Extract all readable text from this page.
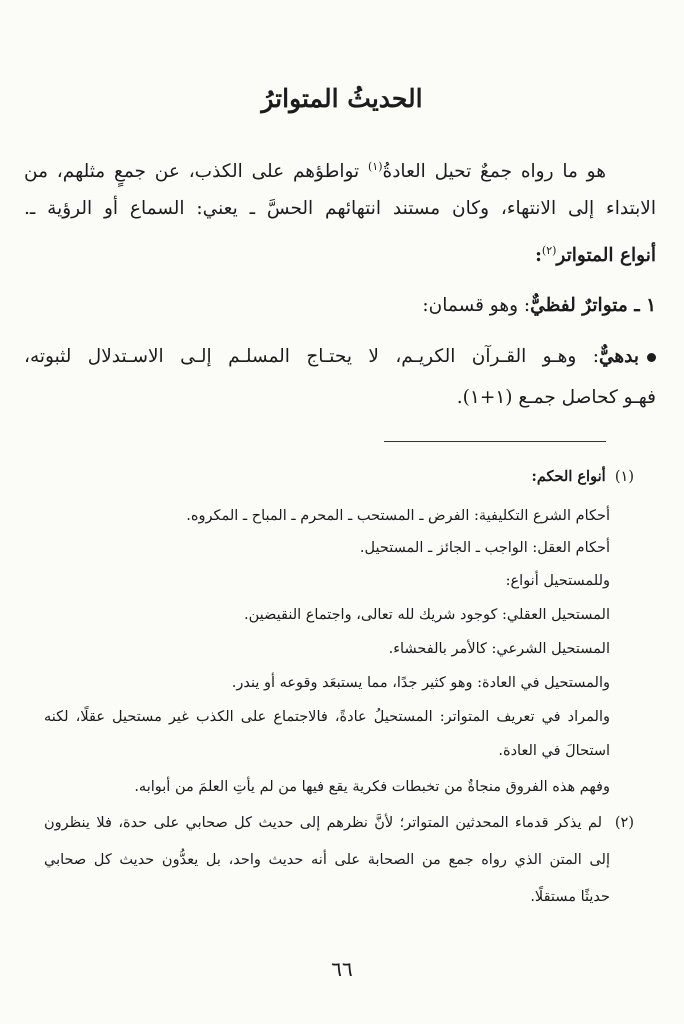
الحديثُ المتواترُ
هو ما رواه جمعٌ تحيل العادةُ$^{(١)}$ تواطؤهم على الكذب، عن جمعٍ مثلهم، من
الابتداء إلى الانتهاء، وكان مستند انتهائهم الحسَّ ـ يعني: السماع أو الرؤية ـ.
أنواع المتواتر$^{(٢)}$:
١ ـ متواترٌ لفظيٌّ: وهو قسمان:
بدهيٌّ: وهـو القـرآن الكريـم، لا يحتـاج المسلـم إلـى الاسـتدلال لثبوته،
فهـو كحاصل جمـع (١+١).
(١)  أنواع الحكم:
أحكام الشرع التكليفية: الفرض ـ المستحب ـ المحرم ـ المباح ـ المكروه.
أحكام العقل: الواجب ـ الجائز ـ المستحيل.
وللمستحيل أنواع:
المستحيل العقلي: كوجود شريك لله تعالى، واجتماع النقيضين.
المستحيل الشرعي: كالأمر بالفحشاء.
والمستحيل في العادة: وهو كثير جدًا، مما يستبعَد وقوعه أو يندر.
والمراد في تعريف المتواتر: المستحيلُ عادةً، فالاجتماع على الكذب غير مستحيل عقلًا، لكنه
استحالَ في العادة.
وفهم هذه الفروق منجاةٌ من تخبطات فكرية يقع فيها من لم يأتِ العلمَ من أبوابه.
(٢)  لم يذكر قدماء المحدثين المتواتر؛ لأنَّ نظرهم إلى حديث كل صحابي على حدة، فلا ينظرون
إلى المتن الذي رواه جمع من الصحابة على أنه حديث واحد، بل يعدُّون حديث كل صحابي
حديثًا مستقلًا.
٦٦
